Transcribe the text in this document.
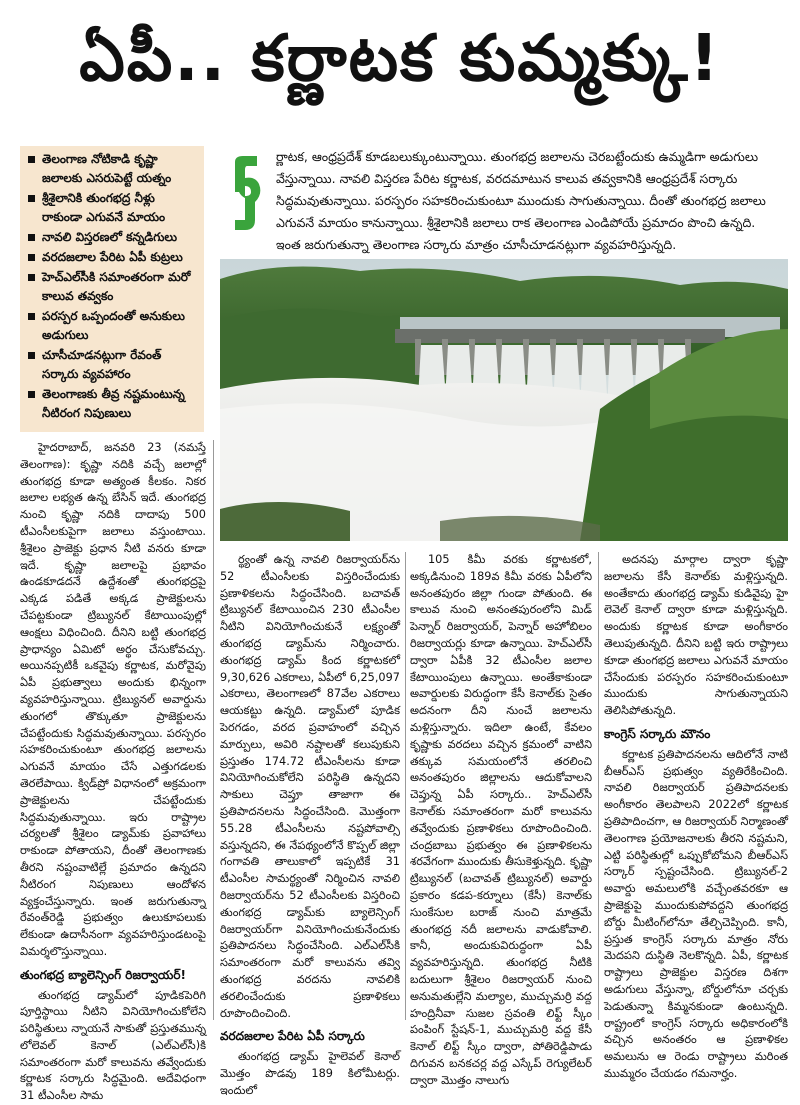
ఏపీ.. కర్ణాటక కుమ్మక్కు!
తెలంగాణ నోటికాడి కృష్ణా జలాలకు ఎసరుపెట్టే యత్నం
శ్రీశైలానికి తుంగభద్ర నీళ్లు రాకుండా ఎగువనే మాయం
నావలి విస్తరణలో కన్నడిగులు
వరదజలాల పేరిట ఏపీ కుట్రలు
హెచ్‌ఎల్‌సీకి సమాంతరంగా మరో కాలువ తవ్వకం
పరస్పర ఒప్పందంతో అనుకులు అడుగులు
చూసీచూడనట్లుగా రేవంత్ సర్కారు వ్యవహారం
తెలంగాణకు తీవ్ర నష్టమంటున్న నీటిరంగ నిపుణులు
ర్ణాటక, ఆంధ్రప్రదేశ్ కూడబలుక్కుంటున్నాయి. తుంగభద్ర జలాలను చెరబట్టేందుకు ఉమ్మడిగా అడుగులు వేస్తున్నాయి. నావలి విస్తరణ పేరిట కర్ణాటక, వరదమాటున కాలువ తవ్వకానికి ఆంధ్రప్రదేశ్ సర్కారు సిద్ధమవుతున్నాయి. పరస్పరం సహకరించుకుంటూ ముందుకు సాగుతున్నాయి. దీంతో తుంగభద్ర జలాలు ఎగువనే మాయం కానున్నాయి. శ్రీశైలానికి జలాలు రాక తెలంగాణ ఎండిపోయే ప్రమాదం పొంచి ఉన్నది. ఇంత జరుగుతున్నా తెలంగాణ సర్కారు మాత్రం చూసీచూడనట్లుగా వ్యవహరిస్తున్నది.

హైదరాబాద్, జనవరి 23 (నమస్తే తెలంగాణ): కృష్ణా నదికి వచ్చే జలాల్లో తుంగభద్ర కూడా అత్యంత కీలకం. నికర జలాల లభ్యత ఉన్న బేసిన్ ఇదే. తుంగభద్ర నుంచి కృష్ణా నదికి దాదాపు 500 టీఎంసీలకుపైగా జలాలు వస్తుంటాయి. శ్రీశైలం ప్రాజెక్టు ప్రధాన నీటి వనరు కూడా ఇదే. కృష్ణా జలాలపై ప్రభావం ఉండకూడదనే ఉద్దేశంతో తుంగభద్రపై ఎక్కడ పడితే అక్కడ ప్రాజెక్టులను చేపట్టకుండా ట్రిబ్యునల్ కేటాయింపుల్లో ఆంక్షలు విధించింది. దీనిని బట్టి తుంగభద్ర ప్రాధాన్యం ఏమిటో అర్థం చేసుకోవచ్చు. అయినప్పటికీ ఒకవైపు కర్ణాటక, మరోవైపు ఏపీ ప్రభుత్వాలు అందుకు భిన్నంగా వ్యవహరిస్తున్నాయి. ట్రిబ్యునల్ అవార్డును తుంగలో తొక్కుతూ ప్రాజెక్టులను చేపట్టేందుకు సిద్ధమవుతున్నాయి. పరస్పరం సహకరించుకుంటూ తుంగభద్ర జలాలను ఎగువనే మాయం చేసే ఎత్తుగడలకు తెరలేపాయి. క్విడ్‌ప్రో విధానంలో అక్రమంగా ప్రాజెక్టులను చేపట్టేందుకు సిద్ధమవుతున్నాయి. ఇరు రాష్ట్రాల చర్యలతో శ్రీశైలం డ్యామ్‌కు ప్రవాహాలు రాకుండా పోతాయని, దీంతో తెలంగాణకు తీరని నష్టంవాటిల్లే ప్రమాదం ఉన్నదని నీటిరంగ నిపుణులు ఆందోళన వ్యక్తంచేస్తున్నారు. ఇంత జరుగుతున్నా రేవంత్‌రెడ్డి ప్రభుత్వం ఉలుకూపలుకు లేకుండా ఉదాసీనంగా వ్యవహరిస్తుండటంపై విమర్శలొస్తున్నాయి.

తుంగభద్ర బ్యాలెన్సింగ్ రిజర్వాయర్!

తుంగభద్ర డ్యామ్‌లో పూడికపెరిగి పూర్తిస్థాయి నీటిని వినియోగించుకోలేని పరిస్థితులు న్నాయనే సాకుతో ప్రస్తుతమున్న లోలెవల్ కెనాల్ (ఎల్‌ఎల్‌సీ)కి సమాంతరంగా మరో కాలువను తవ్వేందుకు కర్ణాటక సర్కారు సిద్ధమైంది. అదేవిధంగా 31 టీఎంసీల సామ

ర్థ్యంతో ఉన్న నావలి రిజర్వాయర్‌ను 52 టీఎంసీలకు విస్తరించేందుకు ప్రణాళికలను సిద్ధంచేసింది. బచావత్ ట్రిబ్యునల్ కేటాయించిన 230 టీఎంసీల నీటిని వినియోగించుకునే లక్ష్యంతో తుంగభద్ర డ్యామ్‌ను నిర్మించారు. తుంగభద్ర డ్యామ్ కింద కర్ణాటకలో 9,30,626 ఎకరాలు, ఏపీలో 6,25,097 ఎకరాలు, తెలంగాణలో 87వేల ఎకరాలు ఆయకట్టు ఉన్నది. డ్యామ్‌లో పూడిక పెరగడం, వరద ప్రవాహంలో వచ్చిన మార్పులు, అవిరి నష్టాలతో కలుపుకుని ప్రస్తుతం 174.72 టీఎంసీలను కూడా వినియోగించుకోలేని పరిస్థితి ఉన్నదని సాకులు చెప్తూ తాజాగా ఈ ప్రతిపాదనలను సిద్ధంచేసింది. మొత్తంగా 55.28 టీఎంసీలను నష్టపోవాల్సి వస్తున్నదని, ఈ నేపథ్యంలోనే కొప్పల్ జిల్లా గంగావతి తాలుకాలో ఇప్పటికే 31 టీఎంసీల సామర్థ్యంతో నిర్మించిన నావలి రిజర్వాయర్‌ను 52 టీఎంసీలకు విస్తరించి తుంగభద్ర డ్యామ్‌కు బ్యాలెన్సింగ్ రిజర్వాయర్‌గా వినియోగించుకునేందుకు ప్రతిపాదనలు సిద్ధంచేసింది. ఎల్‌ఎల్‌సీకి సమాంతరంగా మరో కాలువను తవ్వి తుంగభద్ర వరదను నావలికి తరలించేందుకు ప్రణాళికలు రూపొందించింది.

వరదజలాల పేరిట ఏపీ సర్కారు

తుంగభద్ర డ్యామ్ హైలెవల్ కెనాల్ మొత్తం పొడవు 189 కిలోమీటర్లు. ఇందులో

105 కిమీ వరకు కర్ణాటకలో, అక్కడినుంచి 189వ కిమీ వరకు ఏపీలోని అనంతపురం జిల్లా గుండా పోతుంది. ఈ కాలువ నుంచి అనంతపురంలోని మిడ్ పెన్నార్ రిజర్వాయర్, పెన్నార్ అహోబిలం రిజర్వాయర్లు కూడా ఉన్నాయి. హెచ్‌ఎల్‌సీ ద్వారా ఏపీకి 32 టీఎంసీల జలాల కేటాయింపులు ఉన్నాయి. అంతేకాకుండా అవార్డులకు విరుద్ధంగా కేసీ కెనాల్‌కు సైతం అదనంగా దీని నుంచే జలాలను మళ్లిస్తున్నారు. ఇదిలా ఉంటే, కేవలం కృష్ణాకు వరదలు వచ్చిన క్రమంలో వాటిని తక్కువ సమయంలోనే తరలించి అనంతపురం జిల్లాలను ఆదుకోవాలని చెప్తున్న ఏపీ సర్కారు.. హెచ్‌ఎల్‌సీ కెనాల్‌కు సమాంతరంగా మరో కాలువను తవ్వేందుకు ప్రణాళికలు రూపొందించింది. చంద్రబాబు ప్రభుత్వం ఈ ప్రణాళికలను శరవేగంగా ముందుకు తీసుకెళ్తున్నది. కృష్ణా ట్రిబ్యునల్ (బచావత్ ట్రిబ్యునల్) అవార్డు ప్రకారం కడప-కర్నూలు (కేసీ) కెనాల్‌కు సుంకేసుల బరాజ్ నుంచి మాత్రమే తుంగభద్ర నదీ జలాలను వాడుకోవాలి. కానీ, అందుకువిరుద్ధంగా ఏపీ వ్యవహరిస్తున్నది. తుంగభద్ర నీటికి బదులుగా శ్రీశైలం రిజర్వాయర్ నుంచి అనుమతుల్లేని మల్యాల, ముచ్చుమర్రి వద్ద హంద్రినీవా సుజల స్రవంతి లిఫ్ట్ స్కీం పంపింగ్ స్టేషన్-1, ముచ్చుమర్రి వద్ద కేసీ కెనాల్ లిఫ్ట్ స్కీం ద్వారా, పోతిరెడ్డిపాడు దిగువన బనకచర్ల వద్ద ఎస్కేప్ రెగ్యులేటర్ ద్వారా మొత్తం నాలుగు

అదనపు మార్గాల ద్వారా కృష్ణా జలాలను కేసీ కెనాల్‌కు మళ్లిస్తున్నది. అంతేకాదు తుంగభద్ర డ్యామ్ కుడివైపు హై లెవెల్ కెనాల్ ద్వారా కూడా మళ్లిస్తున్నది. అందుకు కర్ణాటక కూడా అంగీకారం తెలుపుతున్నది. దీనిని బట్టి ఇరు రాష్ట్రాలు కూడా తుంగభద్ర జలాలు ఎగువనే మాయం చేసేందుకు పరస్పరం సహకరించుకుంటూ ముందుకు సాగుతున్నాయని తెలిసిపోతున్నది.

కాంగ్రెస్ సర్కారు మౌనం

కర్ణాటక ప్రతిపాదనలను ఆదిలోనే నాటి బీఆర్‌ఎస్ ప్రభుత్వం వ్యతిరేకించింది. నావలి రిజర్వాయర్ ప్రతిపాదనలకు అంగీకారం తెలపాలని 2022లో కర్ణాటక ప్రతిపాదించగా, ఆ రిజర్వాయర్ నిర్మాణంతో తెలంగాణ ప్రయోజనాలకు తీరని నష్టమని, ఎట్టి పరిస్థితుల్లో ఒప్పుకోబోమని బీఆర్‌ఎస్ సర్కార్ స్పష్టంచేసింది. ట్రిబ్యునల్-2 అవార్డు అమలులోకి వచ్చేంతవరకూ ఆ ప్రాజెక్టుపై ముందుకుపోవద్దని తుంగభద్ర బోర్డు మీటింగ్‌లోనూ తేల్చిచెప్పింది. కానీ, ప్రస్తుత కాంగ్రెస్ సర్కారు మాత్రం నోరు మెదపని దుస్థితి నెలకొన్నది. ఏపీ, కర్ణాటక రాష్ట్రాలు ప్రాజెక్టుల విస్తరణ దిశగా అడుగులు వేస్తున్నా, బోర్డులోనూ చర్చకు పెడుతున్నా కిమ్మనకుండా ఉంటున్నది. రాష్ట్రంలో కాంగ్రెస్ సర్కారు అధికారంలోకి వచ్చిన అనంతరం ఆ ప్రణాళికల అమలును ఆ రెండు రాష్ట్రాలు మరింత ముమ్మరం చేయడం గమనార్హం.
